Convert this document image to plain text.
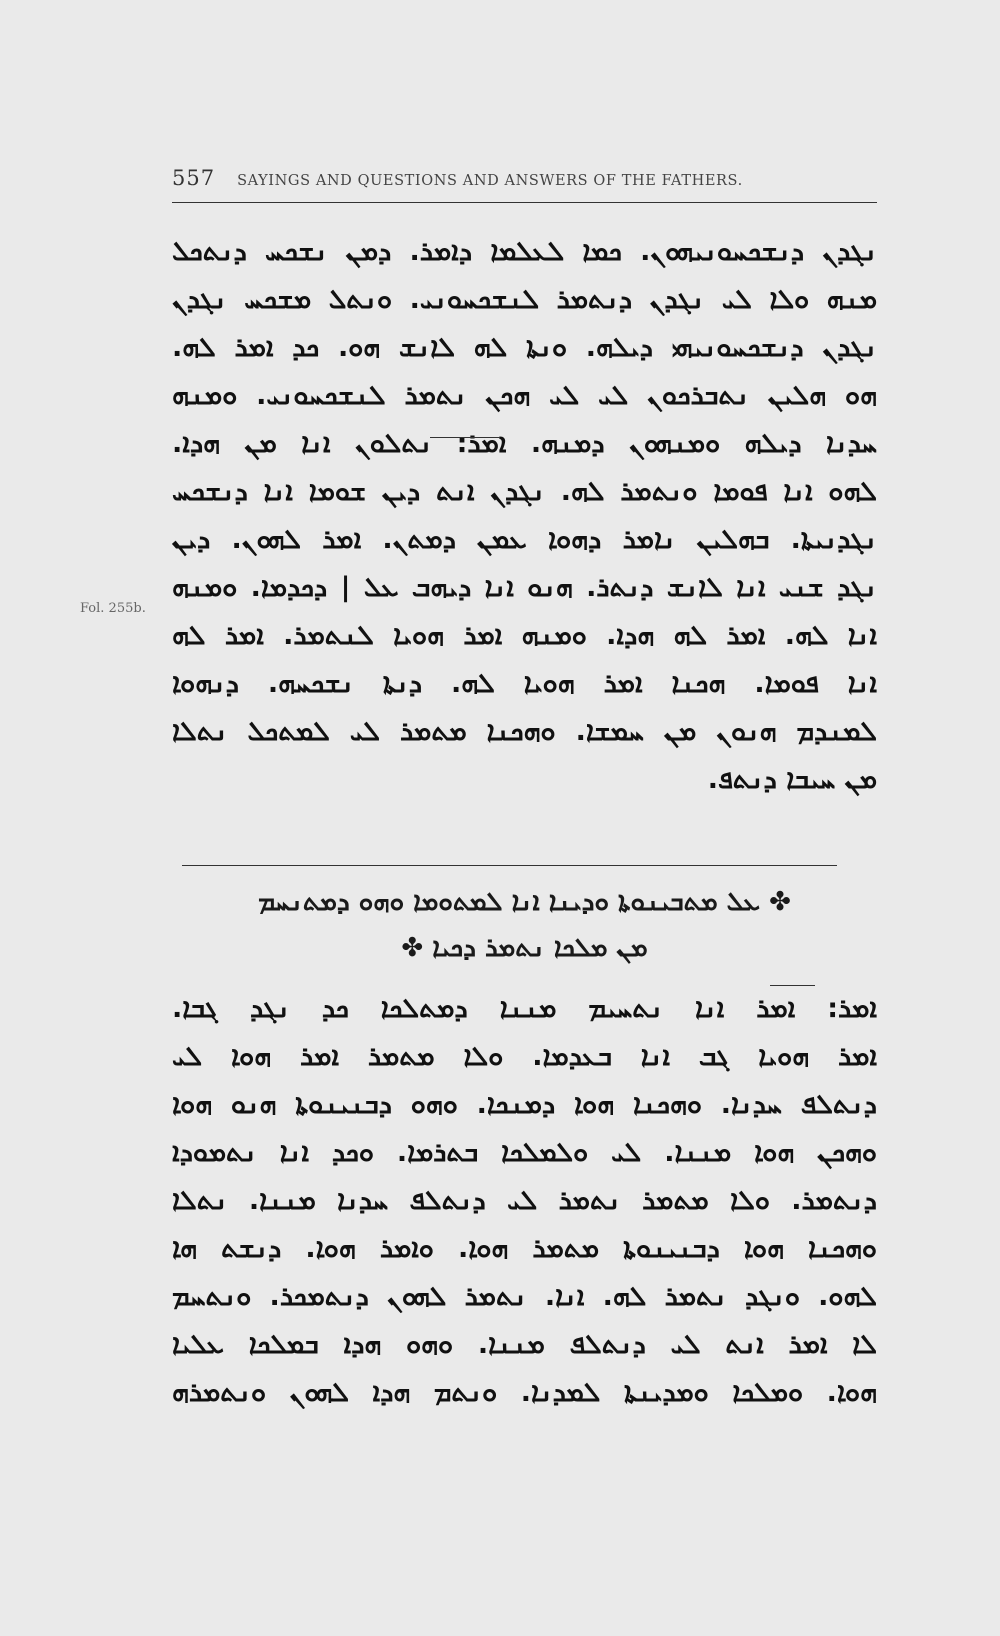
557 SAYINGS AND QUESTIONS AND ANSWERS OF THE FATHERS.
Fol. 255b.
ܢܓܕܢ ܕܢܫܟܚܘܢܝܗܘܢ. ܟܡܐ ܠܥܠܡܐ ܕܐܡܪ. ܕܡܢ ܢܫܟܚ ܕܢܬܟܠ
ܡܢܗ ܘܠܐ ܠܝ ܢܓܕܢ ܕܢܬܡܪ ܠܢܫܟܚܘܢܝ. ܘܢܬܠ ܡܫܟܚ ܢܓܕܢ
ܢܓܕܢ ܕܢܫܟܚܘܢܝܗܝ ܕܝܠܗ. ܘܢܬܐ ܠܗ ܠܐܢܫ ܗܘ. ܟܕ ܐܡܪ ܠܗ.
ܗܘ ܗܠܝܢ ܢܬܒܪܟܘܢ ܠܝ ܠܝ ܗܟܢ ܢܬܡܪ ܠܢܫܟܚܘܢܝ. ܘܡܢܗ
ܚܕܢܐ ܕܝܠܗ ܘܡܢܗܘܢ ܕܡܢܗ. ܐܡܪ: ܢܬܠܘܢ ܐܢܐ ܡܢ ܗܕܐ.
ܠܗܘ ܐܢܐ ܦܘܡܐ ܘܢܬܡܪ ܠܗ. ܢܓܕܢ ܐܢܬ ܕܝܢ ܫܘܡܐ ܐܢܐ ܕܢܫܟܚ
ܢܓܕܢܝܬܐ. ܒܗܠܝܢ ܢܐܡܪ ܕܗܘܐ ܥܡܢ ܕܡܬܢ. ܐܡܪ ܠܗܘܢ. ܕܝܢ
ܢܓܕ ܫܢܝ ܐܢܐ ܠܐܢܫ ܕܢܬܪ. ܗܢܘ ܐܢܐ ܕܝܗܒ ܥܠ | ܕܟܕܡܐ. ܘܡܢܗ
ܐܢܐ ܠܗ. ܐܡܪ ܠܗ ܗܕܐ. ܘܡܢܗ ܐܡܪ ܗܘܝܐ ܠܢܬܡܪ. ܐܡܪ ܠܗ
ܐܢܐ ܦܘܡܐ. ܗܟܢܐ ܐܡܪ ܗܘܝܐ ܠܗ. ܕܢܬܐ ܢܫܟܚܗ. ܕܢܗܘܐ
ܠܡܢܕܡ ܗܢܘܢ ܡܢ ܚܡܫܐ. ܘܗܟܢܐ ܡܬܡܪ ܠܝ ܠܡܬܟܠ ܢܬܠܐ
ܡܢ ܚܝܒܐ ܕܢܬܦ.
✤ ܥܠ ܡܬܒܝܢܘܬܐ ܘܕܝܢܐ ܐܢܐ ܠܡܬܘܡܐ ܘܗܘ ܕܡܬܢܚܡ
ܡܢ ܡܠܟܐ ܢܬܡܪ ܕܟܝܐ ✤
ܐܡܪ: ܐܡܪ ܐܢܐ ܢܬܚܝܡ ܡܢܢܐ ܕܡܬܠܟܐ ܟܕ ܢܓܕ ܓܒܐ.
ܐܡܪ ܗܘܝܐ ܓܒ ܐܢܐ ܒܥܕܡܐ. ܘܠܐ ܡܬܡܪ ܐܡܪ ܗܘܐ ܠܝ
ܕܢܬܠܦ ܚܕܢܐ. ܘܗܟܢܐ ܗܘܐ ܕܡܢܟܐ. ܘܗܘ ܕܒܢܝܢܘܬܐ ܗܢܘ ܗܘܐ
ܘܗܟܢ ܗܘܐ ܡܢܢܐ. ܠܝ ܘܠܡܠܟܐ ܒܬܪܡܐ. ܘܟܕ ܐܢܐ ܢܬܡܘܕܐ
ܕܢܬܡܪ. ܘܠܐ ܡܬܡܪ ܢܬܡܪ ܠܝ ܕܢܬܠܦ ܚܕܢܐ ܡܢܢܐ. ܢܬܠܐ
ܘܗܟܢܐ ܗܘܐ ܕܒܢܝܢܘܬܐ ܡܬܡܪ ܗܘܐ. ܘܐܡܪ ܗܘܐ. ܕܢܫܬ ܗܐ
ܠܗܘ. ܘܢܓܕ ܢܬܡܪ ܠܗ. ܐܢܐ. ܢܬܡܪ ܠܗܘܢ ܕܢܬܡܟܪ. ܘܢܬܚܡ
ܠܐ ܐܡܪ ܐܢܬ ܠܝ ܕܢܬܠܦ ܡܢܢܐ. ܘܗܘ ܗܕܐ ܒܡܠܟܐ ܥܠܝܐ
ܗܘܐ. ܘܡܠܟܐ ܘܡܕܝܢܬܐ ܠܡܕܢܐ. ܘܢܬܡ ܗܕܐ ܠܗܘܢ ܘܢܬܡܪܗ
